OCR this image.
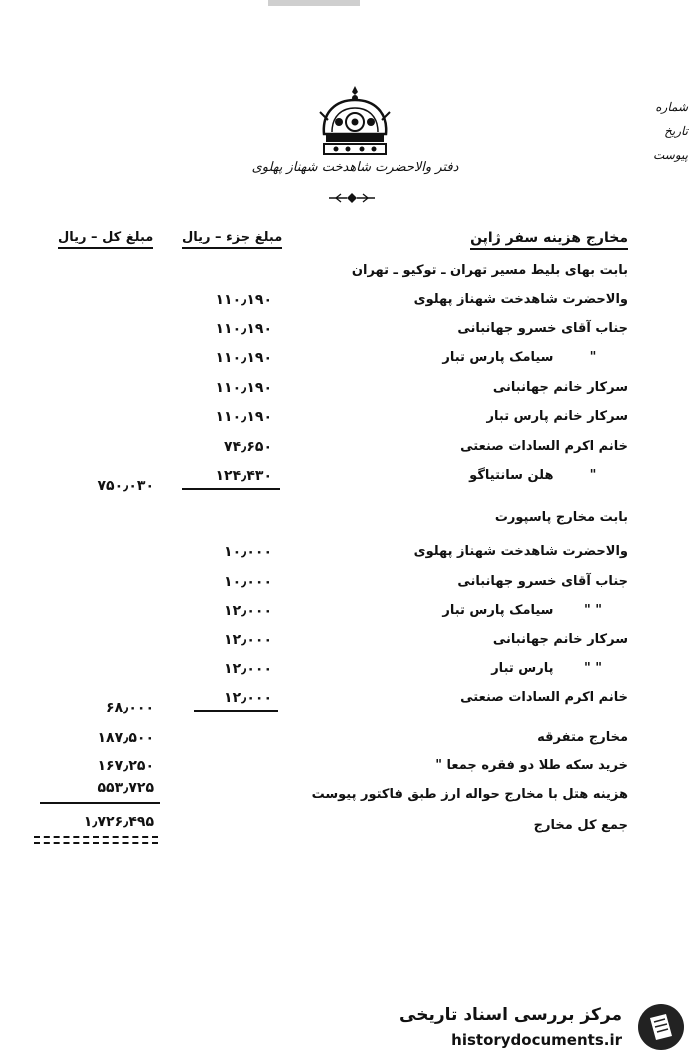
دفتر والاحضرت شاهدخت شهناز پهلوی
شماره
تاریخ
پیوست
مخارج هزینه سفر ژاپن
مبلغ جزء – ریال
مبلغ کل – ریال
بابت بهای بلیط مسیر تهران ـ توکیو ـ تهران
والاحضرت شاهدخت شهناز پهلوی
۱۱۰٫۱۹۰
جناب آقای خسرو جهانبانی
۱۱۰٫۱۹۰
" سیامک پارس تبار
۱۱۰٫۱۹۰
سرکار خانم جهانبانی
۱۱۰٫۱۹۰
سرکار خانم پارس تبار
۱۱۰٫۱۹۰
خانم اکرم السادات صنعتی
۷۴٫۶۵۰
" هلن سانتیاگو
۱۲۴٫۴۳۰
۷۵۰٫۰۳۰
بابت مخارج پاسپورت
والاحضرت شاهدخت شهناز پهلوی
۱۰٫۰۰۰
جناب آقای خسرو جهانبانی
۱۰٫۰۰۰
" " سیامک پارس تبار
۱۲٫۰۰۰
سرکار خانم جهانبانی
۱۲٫۰۰۰
" " پارس تبار
۱۲٫۰۰۰
خانم اکرم السادات صنعتی
۱۲٫۰۰۰
۶۸٫۰۰۰
مخارج متفرقه
۱۸۷٫۵۰۰
خرید سکه طلا دو فقره جمعا "
۱۶۷٫۲۵۰
هزینه هتل با مخارج حواله ارز طبق فاکتور پیوست
۵۵۳٫۷۲۵
جمع کل مخارج
۱٫۷۲۶٫۴۹۵
مرکز بررسی اسناد تاریخی
historydocuments.ir
